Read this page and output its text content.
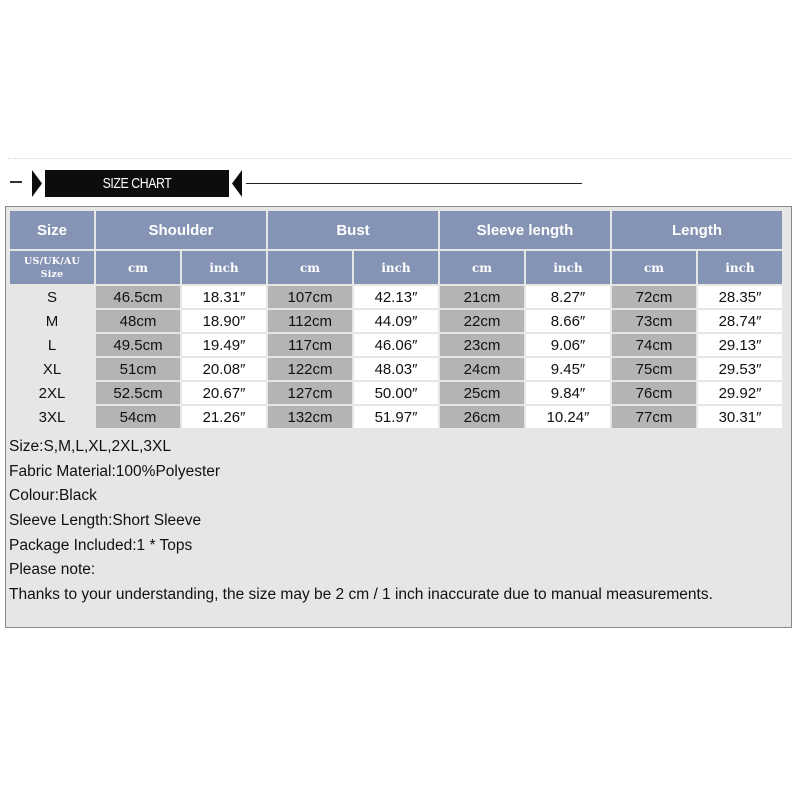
SIZE CHART
Size	Shoulder		Bust		Sleeve length		Length	
US/UK/AU
Size	cm	inch	cm	inch	cm	inch	cm	inch
S	46.5cm	18.31″	107cm	42.13″	21cm	8.27″	72cm	28.35″
M	48cm	18.90″	112cm	44.09″	22cm	8.66″	73cm	28.74″
L	49.5cm	19.49″	117cm	46.06″	23cm	9.06″	74cm	29.13″
XL	51cm	20.08″	122cm	48.03″	24cm	9.45″	75cm	29.53″
2XL	52.5cm	20.67″	127cm	50.00″	25cm	9.84″	76cm	29.92″
3XL	54cm	21.26″	132cm	51.97″	26cm	10.24″	77cm	30.31″
Size:S,M,L,XL,2XL,3XL
Fabric Material:100%Polyester
Colour:Black
Sleeve Length:Short Sleeve
Package Included:1 * Tops
Please note:
Thanks to your understanding, the size may be 2 cm / 1 inch inaccurate due to manual measurements.
